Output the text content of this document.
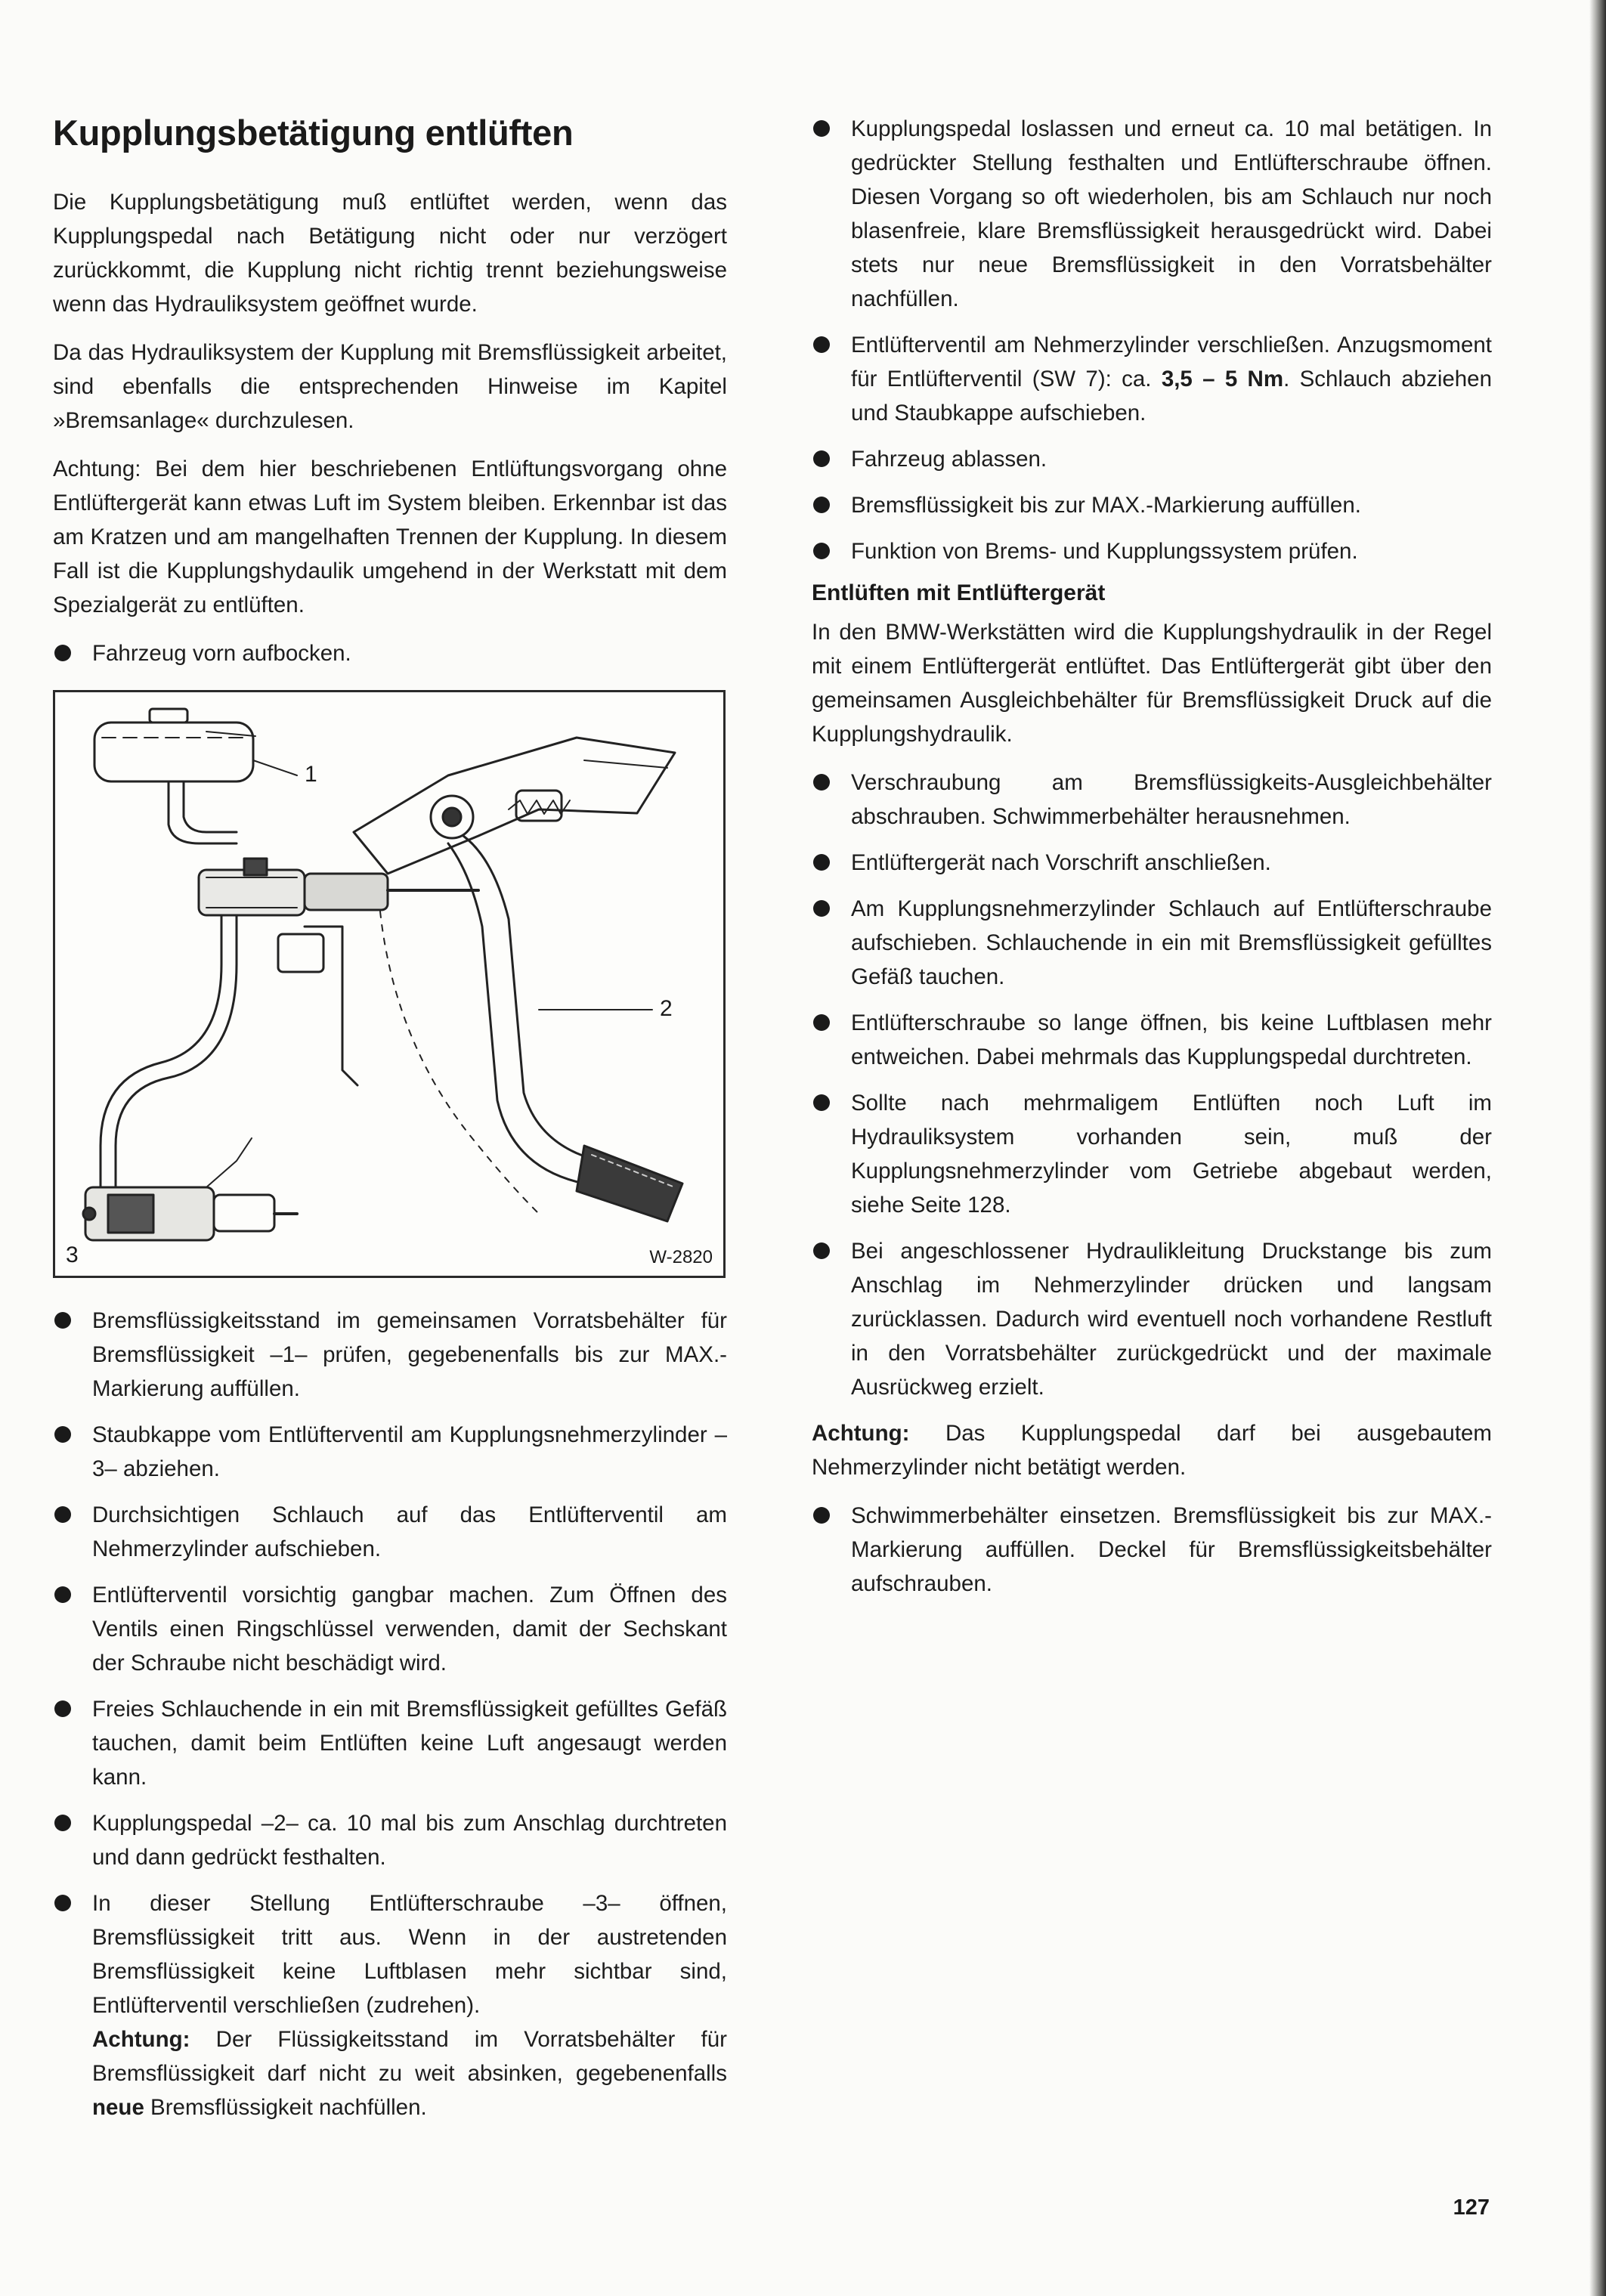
Kupplungsbetätigung entlüften

Die Kupplungsbetätigung muß entlüftet werden, wenn das Kupplungspedal nach Betätigung nicht oder nur verzögert zurückkommt, die Kupplung nicht richtig trennt beziehungsweise wenn das Hydrauliksystem geöffnet wurde.

Da das Hydrauliksystem der Kupplung mit Bremsflüssigkeit arbeitet, sind ebenfalls die entsprechenden Hinweise im Kapitel »Bremsanlage« durchzulesen.

Achtung: Bei dem hier beschriebenen Entlüftungsvorgang ohne Entlüftergerät kann etwas Luft im System bleiben. Erkennbar ist das am Kratzen und am mangelhaften Trennen der Kupplung. In diesem Fall ist die Kupplungshydaulik umgehend in der Werkstatt mit dem Spezialgerät zu entlüften.

Fahrzeug vorn aufbocken.
1
2
3	W-2820
Bremsflüssigkeitsstand im gemeinsamen Vorratsbehälter für Bremsflüssigkeit –1– prüfen, gegebenenfalls bis zur MAX.-Markierung auffüllen.
Staubkappe vom Entlüfterventil am Kupplungsnehmerzylinder –3– abziehen.
Durchsichtigen Schlauch auf das Entlüfterventil am Nehmerzylinder aufschieben.
Entlüfterventil vorsichtig gangbar machen. Zum Öffnen des Ventils einen Ringschlüssel verwenden, damit der Sechskant der Schraube nicht beschädigt wird.
Freies Schlauchende in ein mit Bremsflüssigkeit gefülltes Gefäß tauchen, damit beim Entlüften keine Luft angesaugt werden kann.
Kupplungspedal –2– ca. 10 mal bis zum Anschlag durchtreten und dann gedrückt festhalten.
In dieser Stellung Entlüfterschraube –3– öffnen, Bremsflüssigkeit tritt aus. Wenn in der austretenden Bremsflüssigkeit keine Luftblasen mehr sichtbar sind, Entlüfterventil verschließen (zudrehen).
Achtung: Der Flüssigkeitsstand im Vorratsbehälter für Bremsflüssigkeit darf nicht zu weit absinken, gegebenenfalls neue Bremsflüssigkeit nachfüllen.
Kupplungspedal loslassen und erneut ca. 10 mal betätigen. In gedrückter Stellung festhalten und Entlüfterschraube öffnen. Diesen Vorgang so oft wiederholen, bis am Schlauch nur noch blasenfreie, klare Bremsflüssigkeit herausgedrückt wird. Dabei stets nur neue Bremsflüssigkeit in den Vorratsbehälter nachfüllen.
Entlüfterventil am Nehmerzylinder verschließen. Anzugsmoment für Entlüfterventil (SW 7): ca. 3,5 – 5 Nm. Schlauch abziehen und Staubkappe aufschieben.
Fahrzeug ablassen.
Bremsflüssigkeit bis zur MAX.-Markierung auffüllen.
Funktion von Brems- und Kupplungssystem prüfen.
Entlüften mit Entlüftergerät

In den BMW-Werkstätten wird die Kupplungshydraulik in der Regel mit einem Entlüftergerät entlüftet. Das Entlüftergerät gibt über den gemeinsamen Ausgleichbehälter für Bremsflüssigkeit Druck auf die Kupplungshydraulik.

Verschraubung am Bremsflüssigkeits-Ausgleichbehälter abschrauben. Schwimmerbehälter herausnehmen.
Entlüftergerät nach Vorschrift anschließen.
Am Kupplungsnehmerzylinder Schlauch auf Entlüfterschraube aufschieben. Schlauchende in ein mit Bremsflüssigkeit gefülltes Gefäß tauchen.
Entlüfterschraube so lange öffnen, bis keine Luftblasen mehr entweichen. Dabei mehrmals das Kupplungspedal durchtreten.
Sollte nach mehrmaligem Entlüften noch Luft im Hydrauliksystem vorhanden sein, muß der Kupplungsnehmerzylinder vom Getriebe abgebaut werden, siehe Seite 128.
Bei angeschlossener Hydraulikleitung Druckstange bis zum Anschlag im Nehmerzylinder drücken und langsam zurücklassen. Dadurch wird eventuell noch vorhandene Restluft in den Vorratsbehälter zurückgedrückt und der maximale Ausrückweg erzielt.

Achtung: Das Kupplungspedal darf bei ausgebautem Nehmerzylinder nicht betätigt werden.

Schwimmerbehälter einsetzen. Bremsflüssigkeit bis zur MAX.-Markierung auffüllen. Deckel für Bremsflüssigkeitsbehälter aufschrauben.
127
